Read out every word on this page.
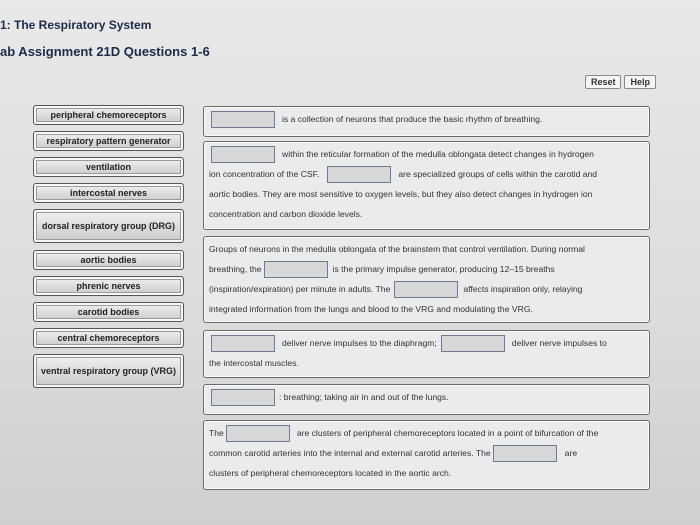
1: The Respiratory System
ab Assignment 21D Questions 1-6
Reset	Help
peripheral chemoreceptors
respiratory pattern generator
ventilation
intercostal nerves
dorsal respiratory group (DRG)
aortic bodies
phrenic nerves
carotid bodies
central chemoreceptors
ventral respiratory group (VRG)
is a collection of neurons that produce the basic rhythm of breathing.
within the reticular formation of the medulla oblongata detect changes in hydrogen
ion concentration of the CSF.	are specialized groups of cells within the carotid and
aortic bodies. They are most sensitive to oxygen levels, but they also detect changes in hydrogen ion
concentration and carbon dioxide levels.
Groups of neurons in the medulla oblongata of the brainstem that control ventilation. During normal
breathing, the	is the primary impulse generator, producing 12–15 breaths
(inspiration/expiration) per minute in adults. The	affects inspiration only, relaying
integrated information from the lungs and blood to the VRG and modulating the VRG.
deliver nerve impulses to the diaphragm;	deliver nerve impulses to
the intercostal muscles.
: breathing; taking air in and out of the lungs.
The	are clusters of peripheral chemoreceptors located in a point of bifurcation of the
common carotid arteries into the internal and external carotid arteries. The	are
clusters of peripheral chemoreceptors located in the aortic arch.
